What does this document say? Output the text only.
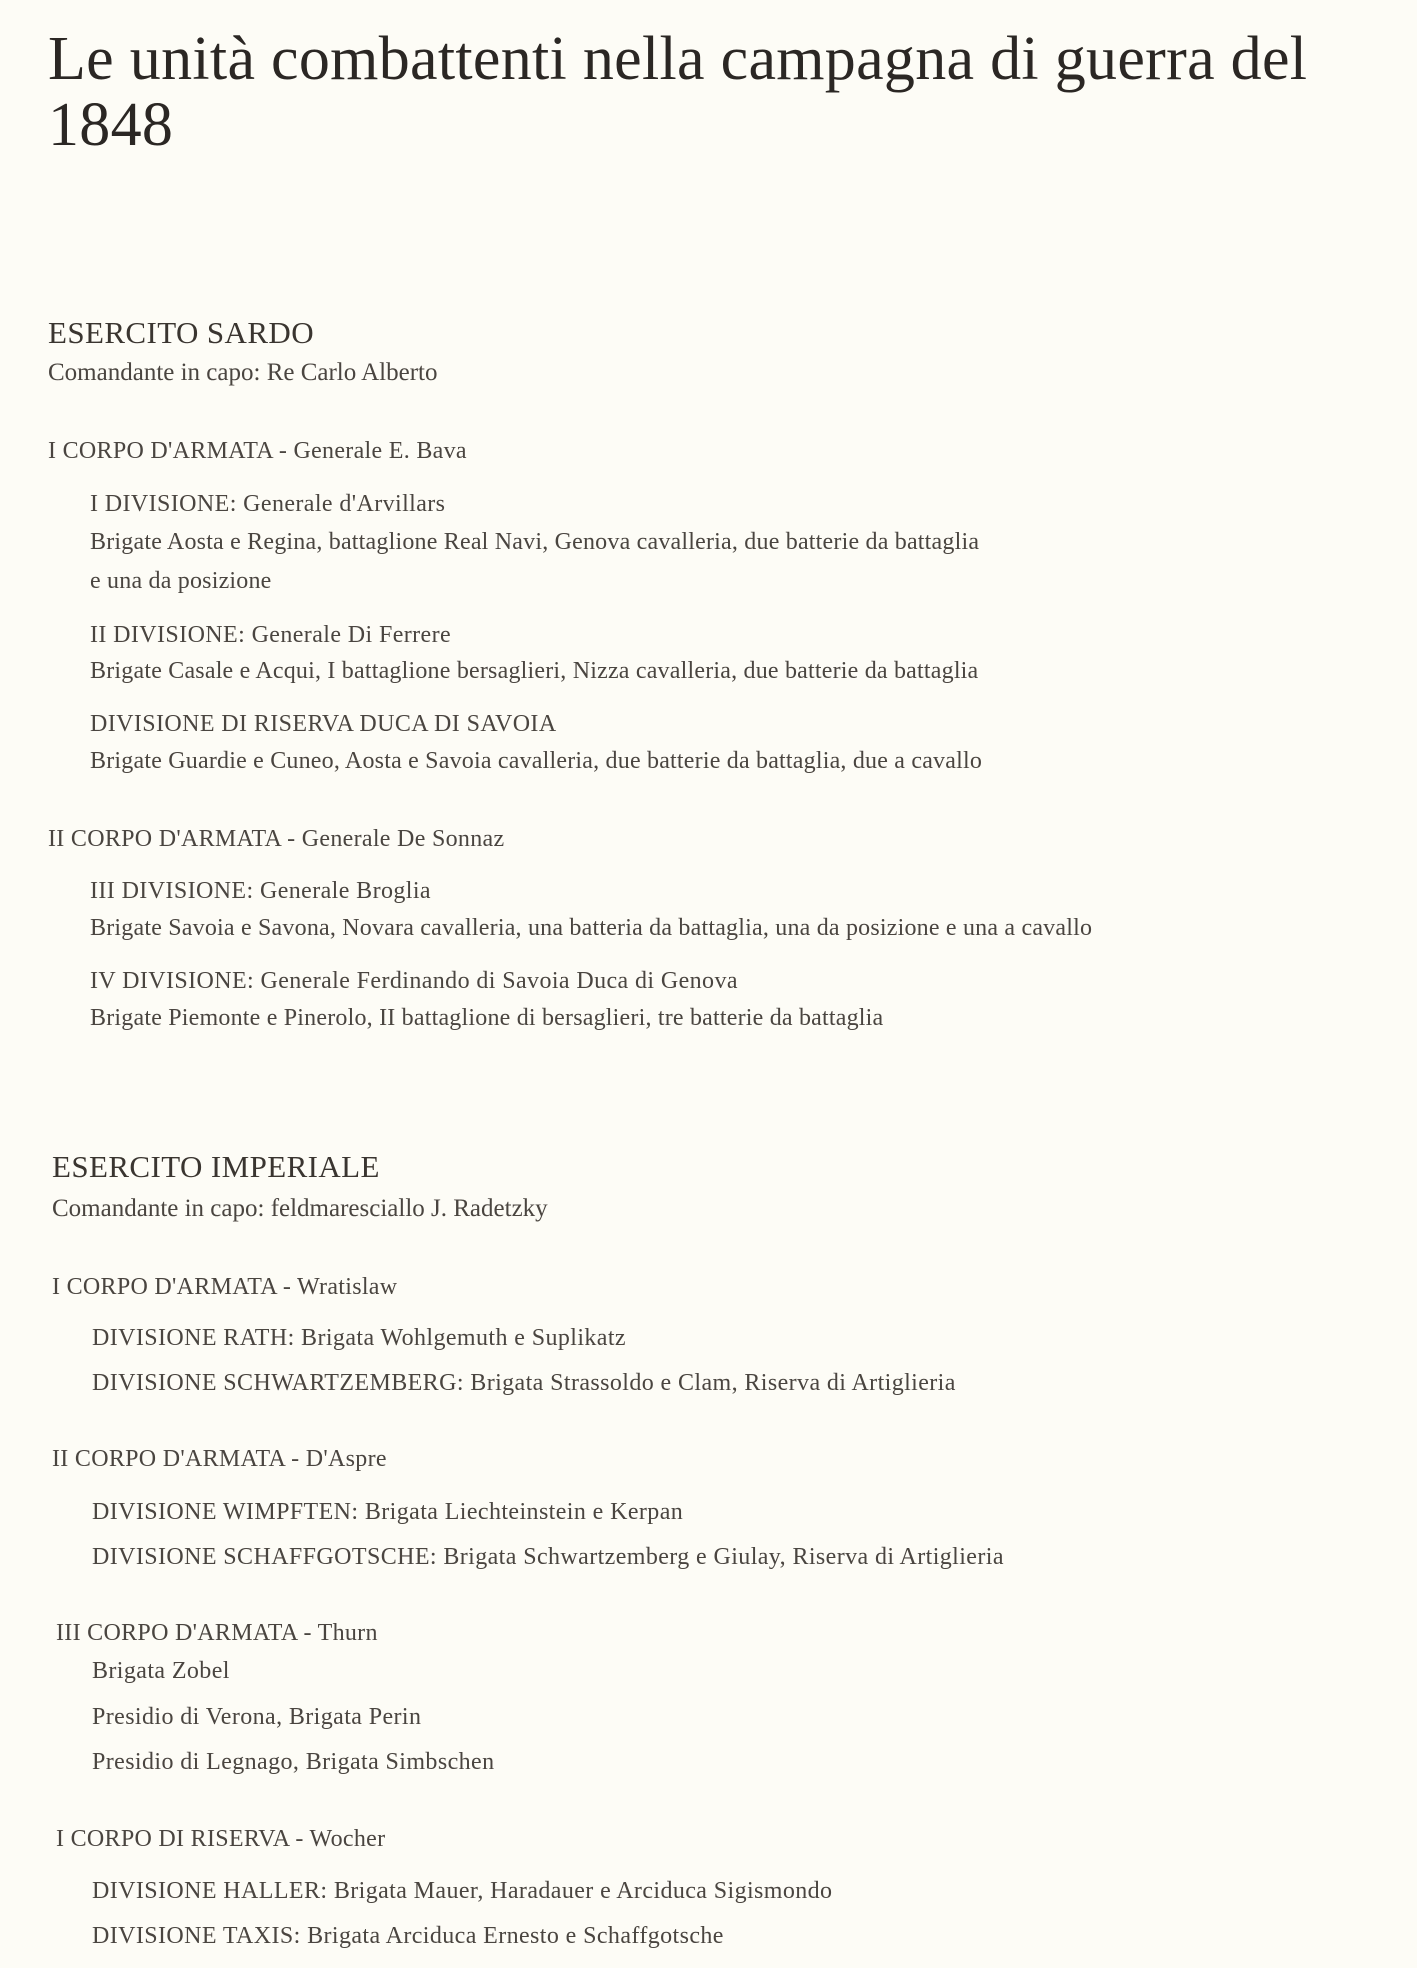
Le unità combattenti nella campagna di guerra del 1848
ESERCITO SARDO
Comandante in capo: Re Carlo Alberto
I CORPO D'ARMATA - Generale E. Bava
I DIVISIONE: Generale d'Arvillars
Brigate Aosta e Regina, battaglione Real Navi, Genova cavalleria, due batterie da battaglia
e una da posizione
II DIVISIONE: Generale Di Ferrere
Brigate Casale e Acqui, I battaglione bersaglieri, Nizza cavalleria, due batterie da battaglia
DIVISIONE DI RISERVA DUCA DI SAVOIA
Brigate Guardie e Cuneo, Aosta e Savoia cavalleria, due batterie da battaglia, due a cavallo
II CORPO D'ARMATA - Generale De Sonnaz
III DIVISIONE: Generale Broglia
Brigate Savoia e Savona, Novara cavalleria, una batteria da battaglia, una da posizione e una a cavallo
IV DIVISIONE: Generale Ferdinando di Savoia Duca di Genova
Brigate Piemonte e Pinerolo, II battaglione di bersaglieri, tre batterie da battaglia
ESERCITO IMPERIALE
Comandante in capo: feldmaresciallo J. Radetzky
I CORPO D'ARMATA - Wratislaw
DIVISIONE RATH: Brigata Wohlgemuth e Suplikatz
DIVISIONE SCHWARTZEMBERG: Brigata Strassoldo e Clam, Riserva di Artiglieria
II CORPO D'ARMATA - D'Aspre
DIVISIONE WIMPFTEN: Brigata Liechteinstein e Kerpan
DIVISIONE SCHAFFGOTSCHE: Brigata Schwartzemberg e Giulay, Riserva di Artiglieria
III CORPO D'ARMATA - Thurn
Brigata Zobel
Presidio di Verona, Brigata Perin
Presidio di Legnago, Brigata Simbschen
I CORPO DI RISERVA - Wocher
DIVISIONE HALLER: Brigata Mauer, Haradauer e Arciduca Sigismondo
DIVISIONE TAXIS: Brigata Arciduca Ernesto e Schaffgotsche
